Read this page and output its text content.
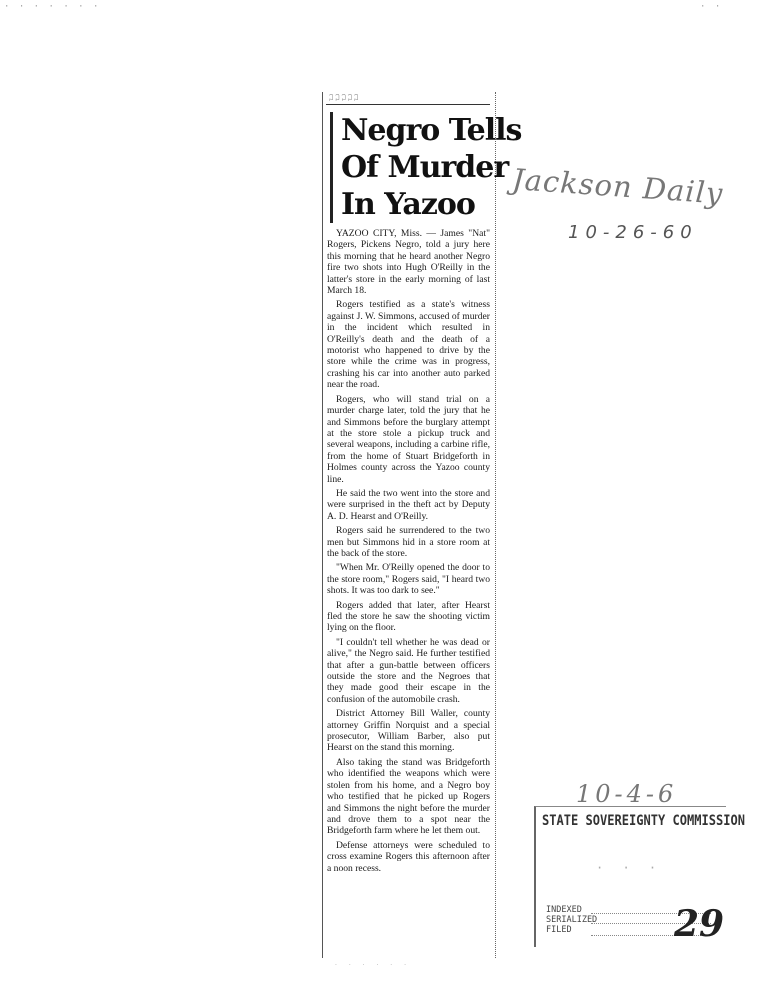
· · · · · · ·	· ·
꒜꒜꒜꒜꒜
Negro Tells
Of Murder
In Yazoo

YAZOO CITY, Miss. — James "Nat" Rogers, Pickens Negro, told a jury here this morning that he heard another Negro fire two shots into Hugh O'Reilly in the latter's store in the early morning of last March 18.

Rogers testified as a state's witness against J. W. Simmons, accused of murder in the incident which resulted in O'Reilly's death and the death of a motorist who happened to drive by the store while the crime was in progress, crashing his car into another auto parked near the road.

Rogers, who will stand trial on a murder charge later, told the jury that he and Simmons before the burglary attempt at the store stole a pickup truck and several weapons, including a carbine rifle, from the home of Stuart Bridgeforth in Holmes county across the Yazoo county line.

He said the two went into the store and were surprised in the theft act by Deputy A. D. Hearst and O'Reilly.

Rogers said he surrendered to the two men but Simmons hid in a store room at the back of the store.

"When Mr. O'Reilly opened the door to the store room," Rogers said, "I heard two shots. It was too dark to see."

Rogers added that later, after Hearst fled the store he saw the shooting victim lying on the floor.

"I couldn't tell whether he was dead or alive," the Negro said. He further testified that after a gun-battle between officers outside the store and the Negroes that they made good their escape in the confusion of the automobile crash.

District Attorney Bill Waller, county attorney Griffin Norquist and a special prosecutor, William Barber, also put Hearst on the stand this morning.

Also taking the stand was Bridgeforth who identified the weapons which were stolen from his home, and a Negro boy who testified that he picked up Rogers and Simmons the night before the murder and drove them to a spot near the Bridgeforth farm where he let them out.

Defense attorneys were scheduled to cross examine Rogers this afternoon after a noon recess.

· · · · · ·
Jackson Daily
10-26-60
10-4-6
STATE SOVEREIGNTY COMMISSION
· · ·
INDEXED
SERIALIZED
FILED	29
